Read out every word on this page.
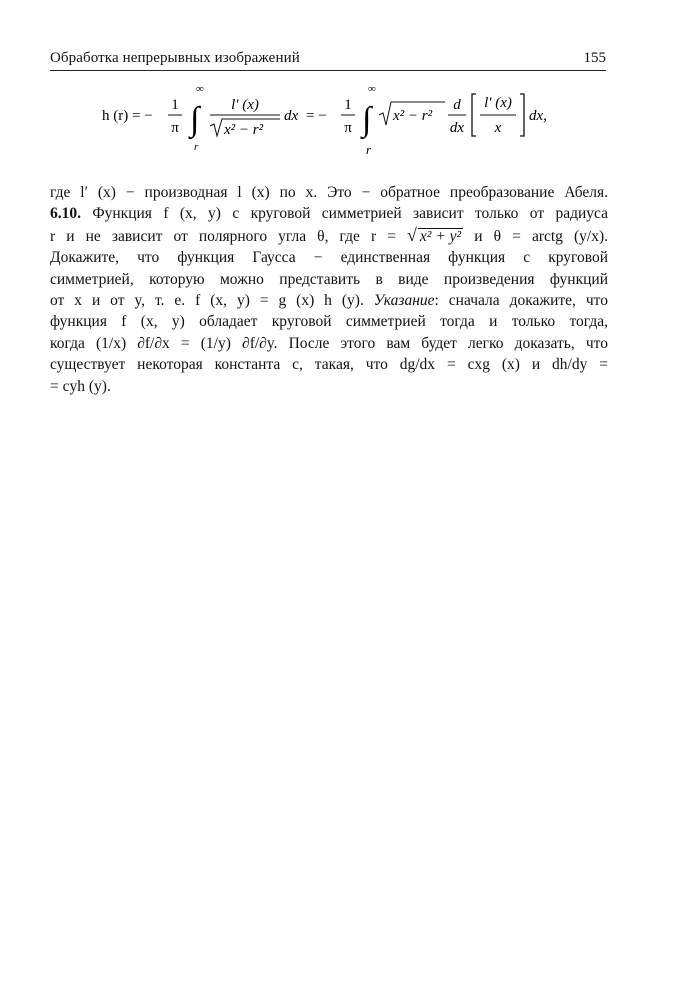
Обработка непрерывных изображений	155
h (r) = −
1
π
∞
∫
r
l′ (x)
x² − r²
dx = −
1
π
∞
∫
r
x² − r²
d
dx
l′ (x)
x
dx,
где l′ (x) − производная l (x) по x. Это − обратное преобразование Абеля.
6.10. Функция f (x, y) с круговой симметрией зависит только от радиуса
r и не зависит от полярного угла θ, где r = √ x² + y² и θ = arctg (y/x).
Докажите, что функция Гаусса − единственная функция с круговой
симметрией, которую можно представить в виде произведения функций
от x и от y, т. е. f (x, y) = g (x) h (y). Указание: сначала докажите, что
функция f (x, y) обладает круговой симметрией тогда и только тогда,
когда (1/x) ∂f/∂x = (1/y) ∂f/∂y. После этого вам будет легко доказать, что
существует некоторая константа c, такая, что dg/dx = cxg (x) и dh/dy =
= cyh (y).
